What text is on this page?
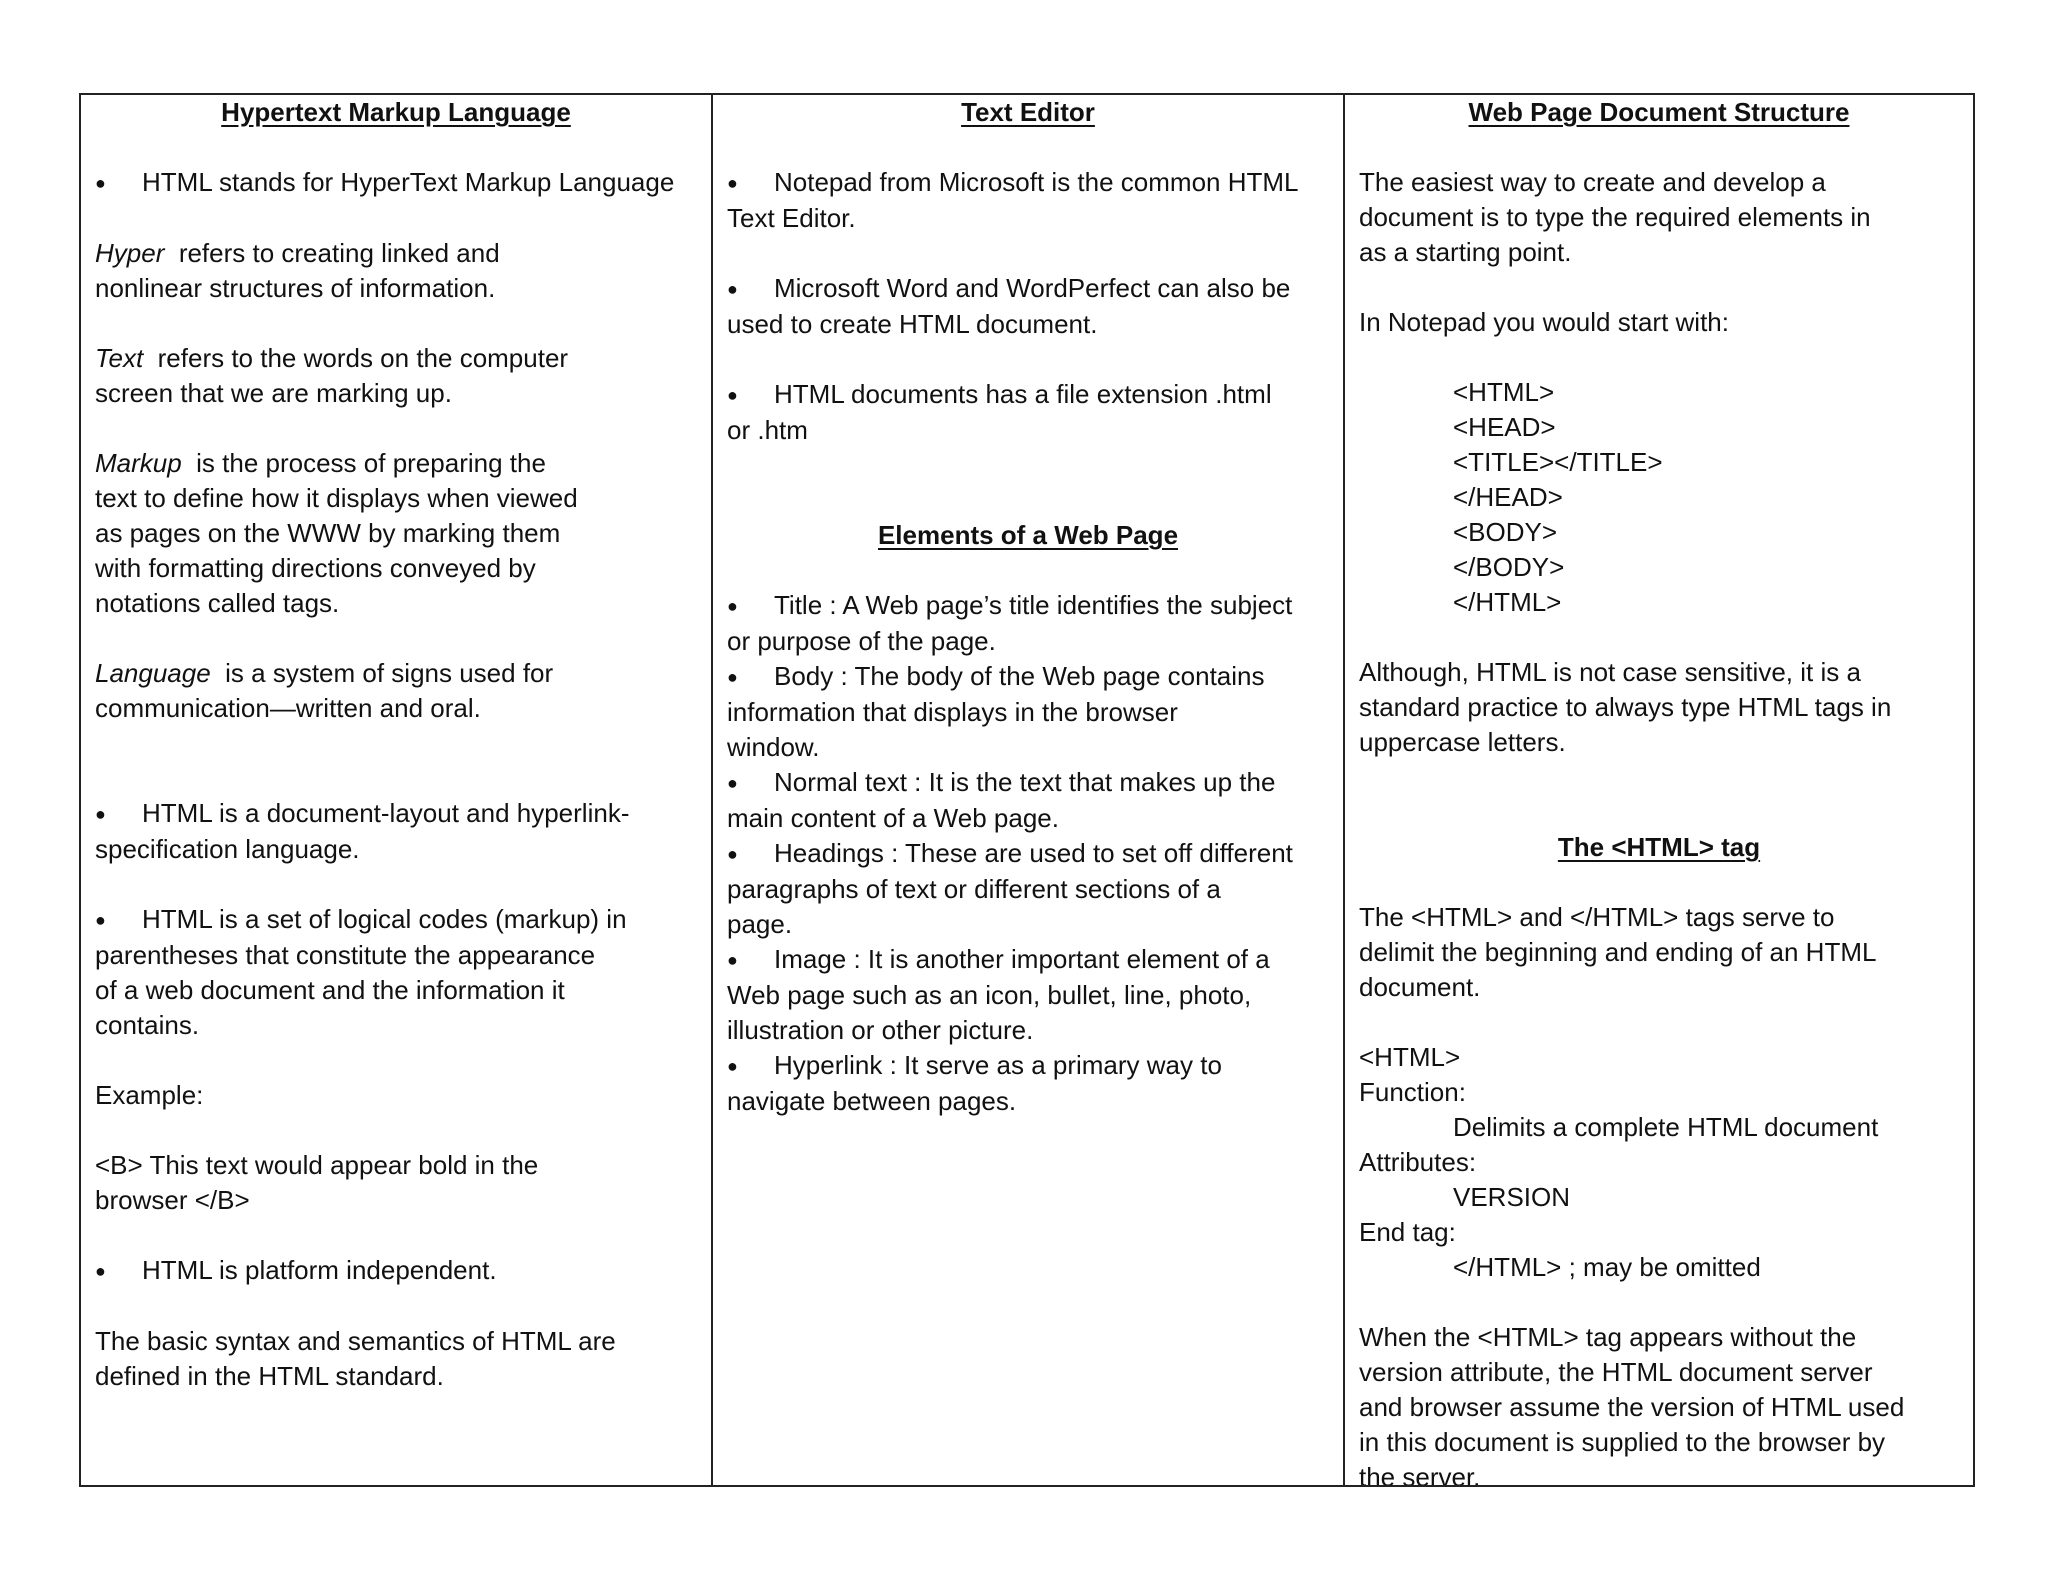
Hypertext Markup Language

● HTML stands for HyperText Markup Language

Hyper refers to creating linked and

nonlinear structures of information.

Text refers to the words on the computer

screen that we are marking up.

Markup is the process of preparing the

text to define how it displays when viewed

as pages on the WWW by marking them

with formatting directions conveyed by

notations called tags.

Language is a system of signs used for

communication—written and oral.

● HTML is a document-layout and hyperlink-

specification language.

● HTML is a set of logical codes (markup) in

parentheses that constitute the appearance

of a web document and the information it

contains.

Example:

<B> This text would appear bold in the

browser </B>

● HTML is platform independent.

The basic syntax and semantics of HTML are

defined in the HTML standard.

Text Editor

● Notepad from Microsoft is the common HTML

Text Editor.

● Microsoft Word and WordPerfect can also be

used to create HTML document.

● HTML documents has a file extension .html

or .htm

Elements of a Web Page

● Title : A Web page’s title identifies the subject

or purpose of the page.

● Body : The body of the Web page contains

information that displays in the browser

window.

● Normal text : It is the text that makes up the

main content of a Web page.

● Headings : These are used to set off different

paragraphs of text or different sections of a

page.

● Image : It is another important element of a

Web page such as an icon, bullet, line, photo,

illustration or other picture.

● Hyperlink : It serve as a primary way to

navigate between pages.

Web Page Document Structure

The easiest way to create and develop a

document is to type the required elements in

as a starting point.

In Notepad you would start with:

<HTML>

<HEAD>

<TITLE></TITLE>

</HEAD>

<BODY>

</BODY>

</HTML>

Although, HTML is not case sensitive, it is a

standard practice to always type HTML tags in

uppercase letters.

The <HTML> tag

The <HTML> and </HTML> tags serve to

delimit the beginning and ending of an HTML

document.

<HTML>

Function:

Delimits a complete HTML document

Attributes:

VERSION

End tag:

</HTML> ; may be omitted

When the <HTML> tag appears without the

version attribute, the HTML document server

and browser assume the version of HTML used

in this document is supplied to the browser by

the server.
